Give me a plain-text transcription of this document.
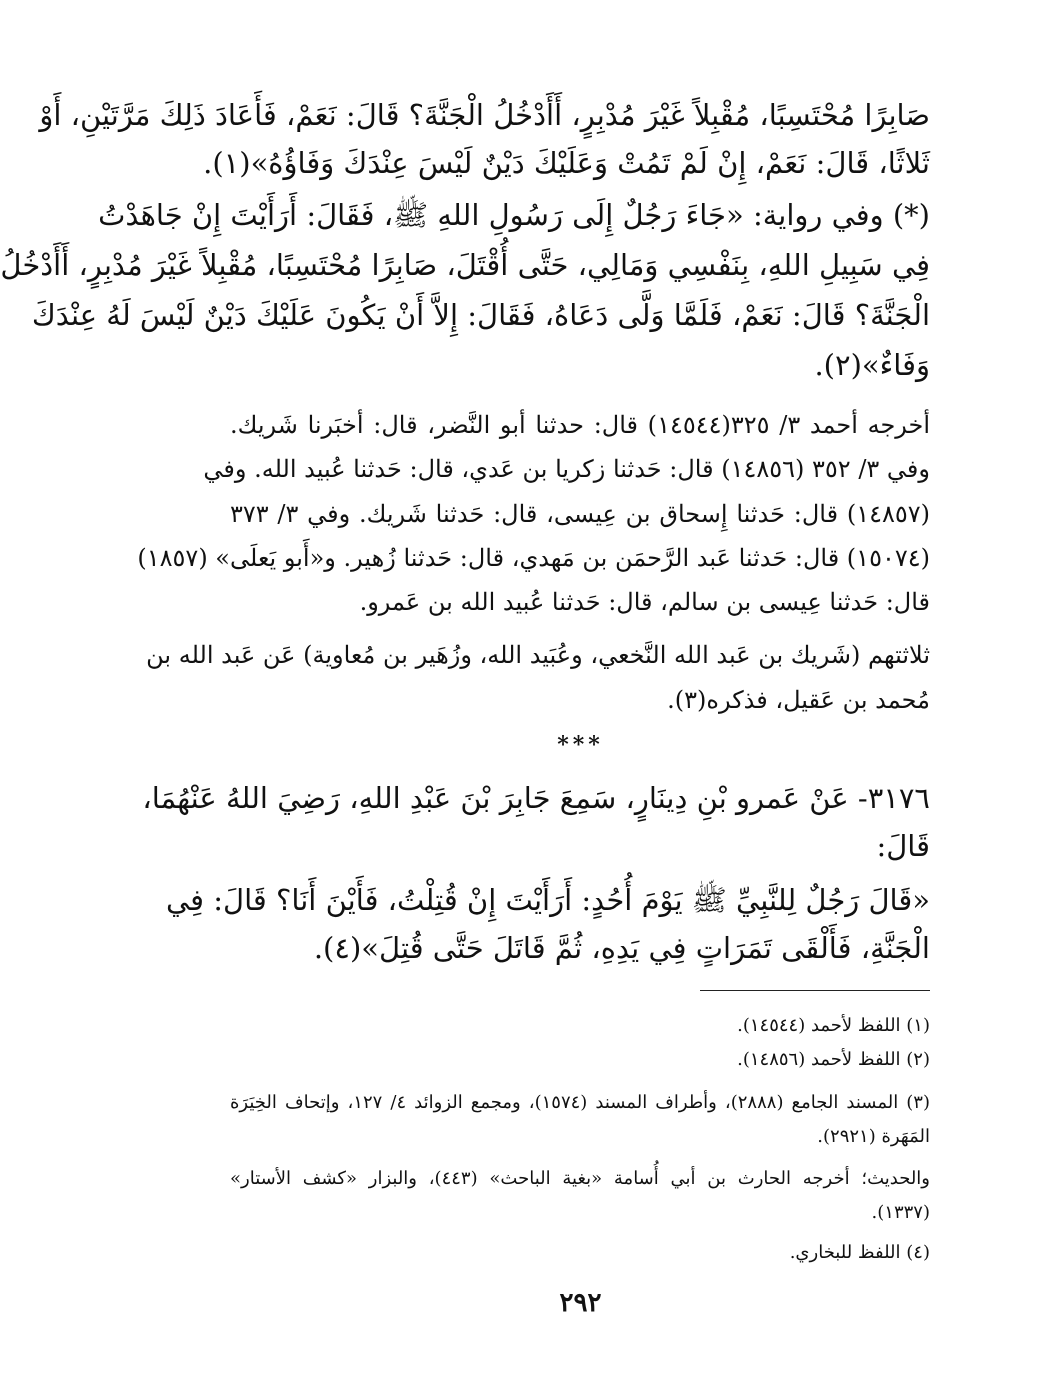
صَابِرًا مُحْتَسِبًا، مُقْبِلاً غَيْرَ مُدْبِرٍ، أَأَدْخُلُ الْجَنَّةَ؟ قَالَ: نَعَمْ، فَأَعَادَ ذَلِكَ مَرَّتَيْنِ، أَوْ
ثَلاثًا، قَالَ: نَعَمْ، إِنْ لَمْ تَمُتْ وَعَلَيْكَ دَيْنٌ لَيْسَ عِنْدَكَ وَفَاؤُهُ»(١).
(*) وفي رواية: «جَاءَ رَجُلٌ إِلَى رَسُولِ اللهِ ﷺ، فَقَالَ: أَرَأَيْتَ إِنْ جَاهَدْتُ
فِي سَبِيلِ اللهِ، بِنَفْسِي وَمَالِي، حَتَّى أُقْتَلَ، صَابِرًا مُحْتَسِبًا، مُقْبِلاً غَيْرَ مُدْبِرٍ، أَأَدْخُلُ
الْجَنَّةَ؟ قَالَ: نَعَمْ، فَلَمَّا وَلَّى دَعَاهُ، فَقَالَ: إِلاَّ أَنْ يَكُونَ عَلَيْكَ دَيْنٌ لَيْسَ لَهُ عِنْدَكَ
وَفَاءٌ»(٢).
أخرجه أحمد ٣/ ٣٢٥(١٤٥٤٤) قال: حدثنا أبو النَّضر، قال: أخبَرنا شَريك.
وفي ٣/ ٣٥٢ (١٤٨٥٦) قال: حَدثنا زكريا بن عَدي، قال: حَدثنا عُبيد الله. وفي
(١٤٨٥٧) قال: حَدثنا إِسحاق بن عِيسى، قال: حَدثنا شَريك. وفي ٣/ ٣٧٣
(١٥٠٧٤) قال: حَدثنا عَبد الرَّحمَن بن مَهدي، قال: حَدثنا زُهير. و«أَبو يَعلَى» (١٨٥٧)
قال: حَدثنا عِيسى بن سالم، قال: حَدثنا عُبيد الله بن عَمرو.
ثلاثتهم (شَريك بن عَبد الله النَّخعي، وعُبَيد الله، وزُهَير بن مُعاوية) عَن عَبد الله بن
مُحمد بن عَقيل، فذكره(٣).
***
٣١٧٦- عَنْ عَمرو بْنِ دِينَارٍ، سَمِعَ جَابِرَ بْنَ عَبْدِ اللهِ، رَضِيَ اللهُ عَنْهُمَا،
قَالَ:
«قَالَ رَجُلٌ لِلنَّبِيِّ ﷺ يَوْمَ أُحُدٍ: أَرَأَيْتَ إِنْ قُتِلْتُ، فَأَيْنَ أَنَا؟ قَالَ: فِي
الْجَنَّةِ، فَأَلْقَى تَمَرَاتٍ فِي يَدِهِ، ثُمَّ قَاتَلَ حَتَّى قُتِلَ»(٤).
(١) اللفظ لأحمد (١٤٥٤٤).
(٢) اللفظ لأحمد (١٤٨٥٦).
(٣) المسند الجامع (٢٨٨٨)، وأطراف المسند (١٥٧٤)، ومجمع الزوائد ٤/ ١٢٧، وإتحاف الخِيَرَة
المَهَرة (٢٩٢١).
والحديث؛ أخرجه الحارث بن أبي أُسامة «بغية الباحث» (٤٤٣)، والبزار «كشف الأستار»
(١٣٣٧).
(٤) اللفظ للبخاري.
٢٩٢
